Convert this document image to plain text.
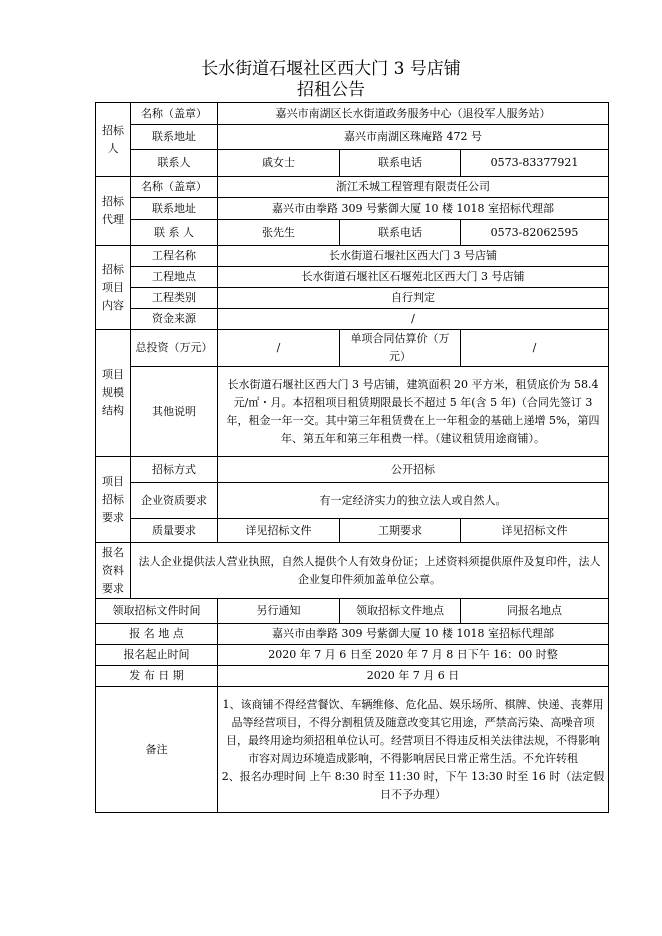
长水街道石堰社区西大门 3 号店铺
招租公告
招标人	名称（盖章）	嘉兴市南湖区长水街道政务服务中心（退役军人服务站）		
	联系地址	嘉兴市南湖区珠庵路 472 号		
	联系人	戚女士	联系电话	0573-83377921
招标代理	名称（盖章）	浙江禾城工程管理有限责任公司		
	联系地址	嘉兴市由拳路 309 号紫御大厦 10 楼 1018 室招标代理部		
	联 系 人	张先生	联系电话	0573-82062595
招标项目内容	工程名称	长水街道石堰社区西大门 3 号店铺		
	工程地点	长水街道石堰社区石堰苑北区西大门 3 号店铺		
	工程类别	自行判定		
	资金来源	/		
项目规模结构	总投资（万元）	/	单项合同估算价（万元）	/
	其他说明	长水街道石堰社区西大门 3 号店铺，建筑面积 20 平方米，租赁底价为 58.4 元/㎡・月。本招租项目租赁期限最长不超过 5 年(含 5 年)（合同先签订 3 年，租金一年一交。其中第三年租赁费在上一年租金的基础上递增 5%，第四年、第五年和第三年租费一样。（建议租赁用途商铺）。		
项目招标要求	招标方式	公开招标		
	企业资质要求	有一定经济实力的独立法人或自然人。		
	质量要求	详见招标文件	工期要求	详见招标文件
报名资料要求	法人企业提供法人营业执照，自然人提供个人有效身份证；上述资料须提供原件及复印件，法人企业复印件须加盖单位公章。			
领取招标文件时间		另行通知	领取招标文件地点	同报名地点
报 名 地 点		嘉兴市由拳路 309 号紫御大厦 10 楼 1018 室招标代理部		
报名起止时间		2020 年 7 月 6 日至 2020 年 7 月 8 日下午 16：00 时整		
发 布 日 期		2020 年 7 月 6 日		
备注		1、该商铺不得经营餐饮、车辆维修、危化品、娱乐场所、棋牌、快递、丧葬用品等经营项目，不得分割租赁及随意改变其它用途，严禁高污染、高噪音项目，最终用途均须招租单位认可。经营项目不得违反相关法律法规，不得影响市容对周边环境造成影响，不得影响居民日常正常生活。不允许转租
2、报名办理时间 上午 8:30 时至 11:30 时，下午 13:30 时至 16 时（法定假日不予办理）		
